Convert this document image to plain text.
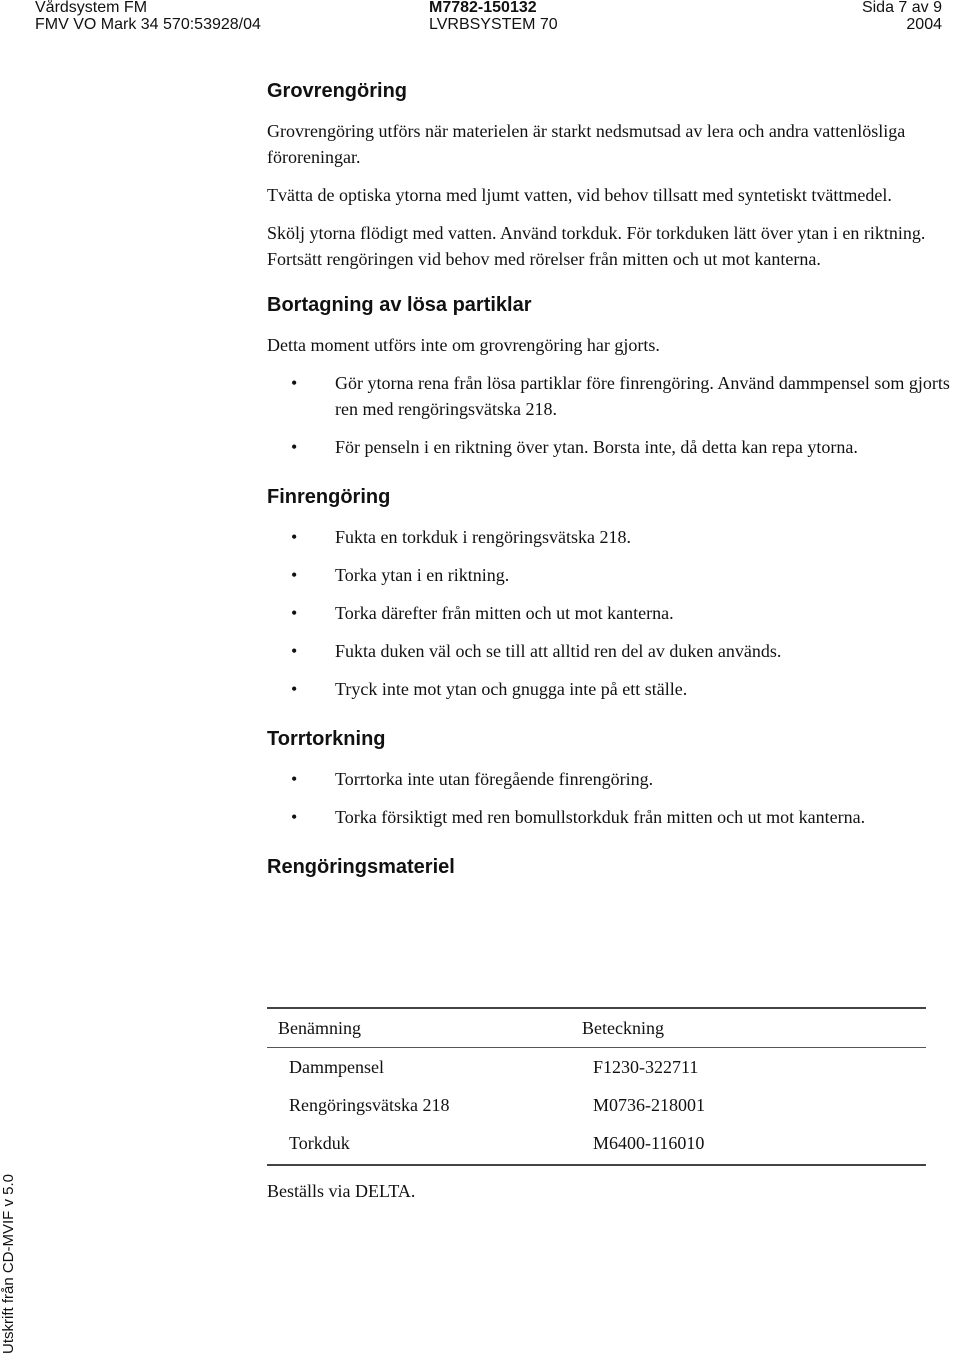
Vårdsystem FM	M7782-150132	Sida 7 av 9
FMV VO Mark 34 570:53928/04	LVRBSYSTEM 70	2004
Grovrengöring

Grovrengöring utförs när materielen är starkt nedsmutsad av lera och andra vattenlösliga föroreningar.

Tvätta de optiska ytorna med ljumt vatten, vid behov tillsatt med syntetiskt tvättmedel.

Skölj ytorna flödigt med vatten. Använd torkduk. För torkduken lätt över ytan i en riktning. Fortsätt rengöringen vid behov med rörelser från mitten och ut mot kanterna.

Bortagning av lösa partiklar

Detta moment utförs inte om grovrengöring har gjorts.

• Gör ytorna rena från lösa partiklar före finrengöring. Använd dammpensel som gjorts ren med rengöringsvätska 218.
• För penseln i en riktning över ytan. Borsta inte, då detta kan repa ytorna.
Finrengöring
• Fukta en torkduk i rengöringsvätska 218.
• Torka ytan i en riktning.
• Torka därefter från mitten och ut mot kanterna.
• Fukta duken väl och se till att alltid ren del av duken används.
• Tryck inte mot ytan och gnugga inte på ett ställe.
Torrtorkning
• Torrtorka inte utan föregående finrengöring.
• Torka försiktigt med ren bomullstorkduk från mitten och ut mot kanterna.
Rengöringsmateriel
Benämning	Beteckning
Dammpensel	F1230-322711
Rengöringsvätska 218	M0736-218001
Torkduk	M6400-116010

Beställs via DELTA.

Utskrift från CD-MVIF v 5.0
